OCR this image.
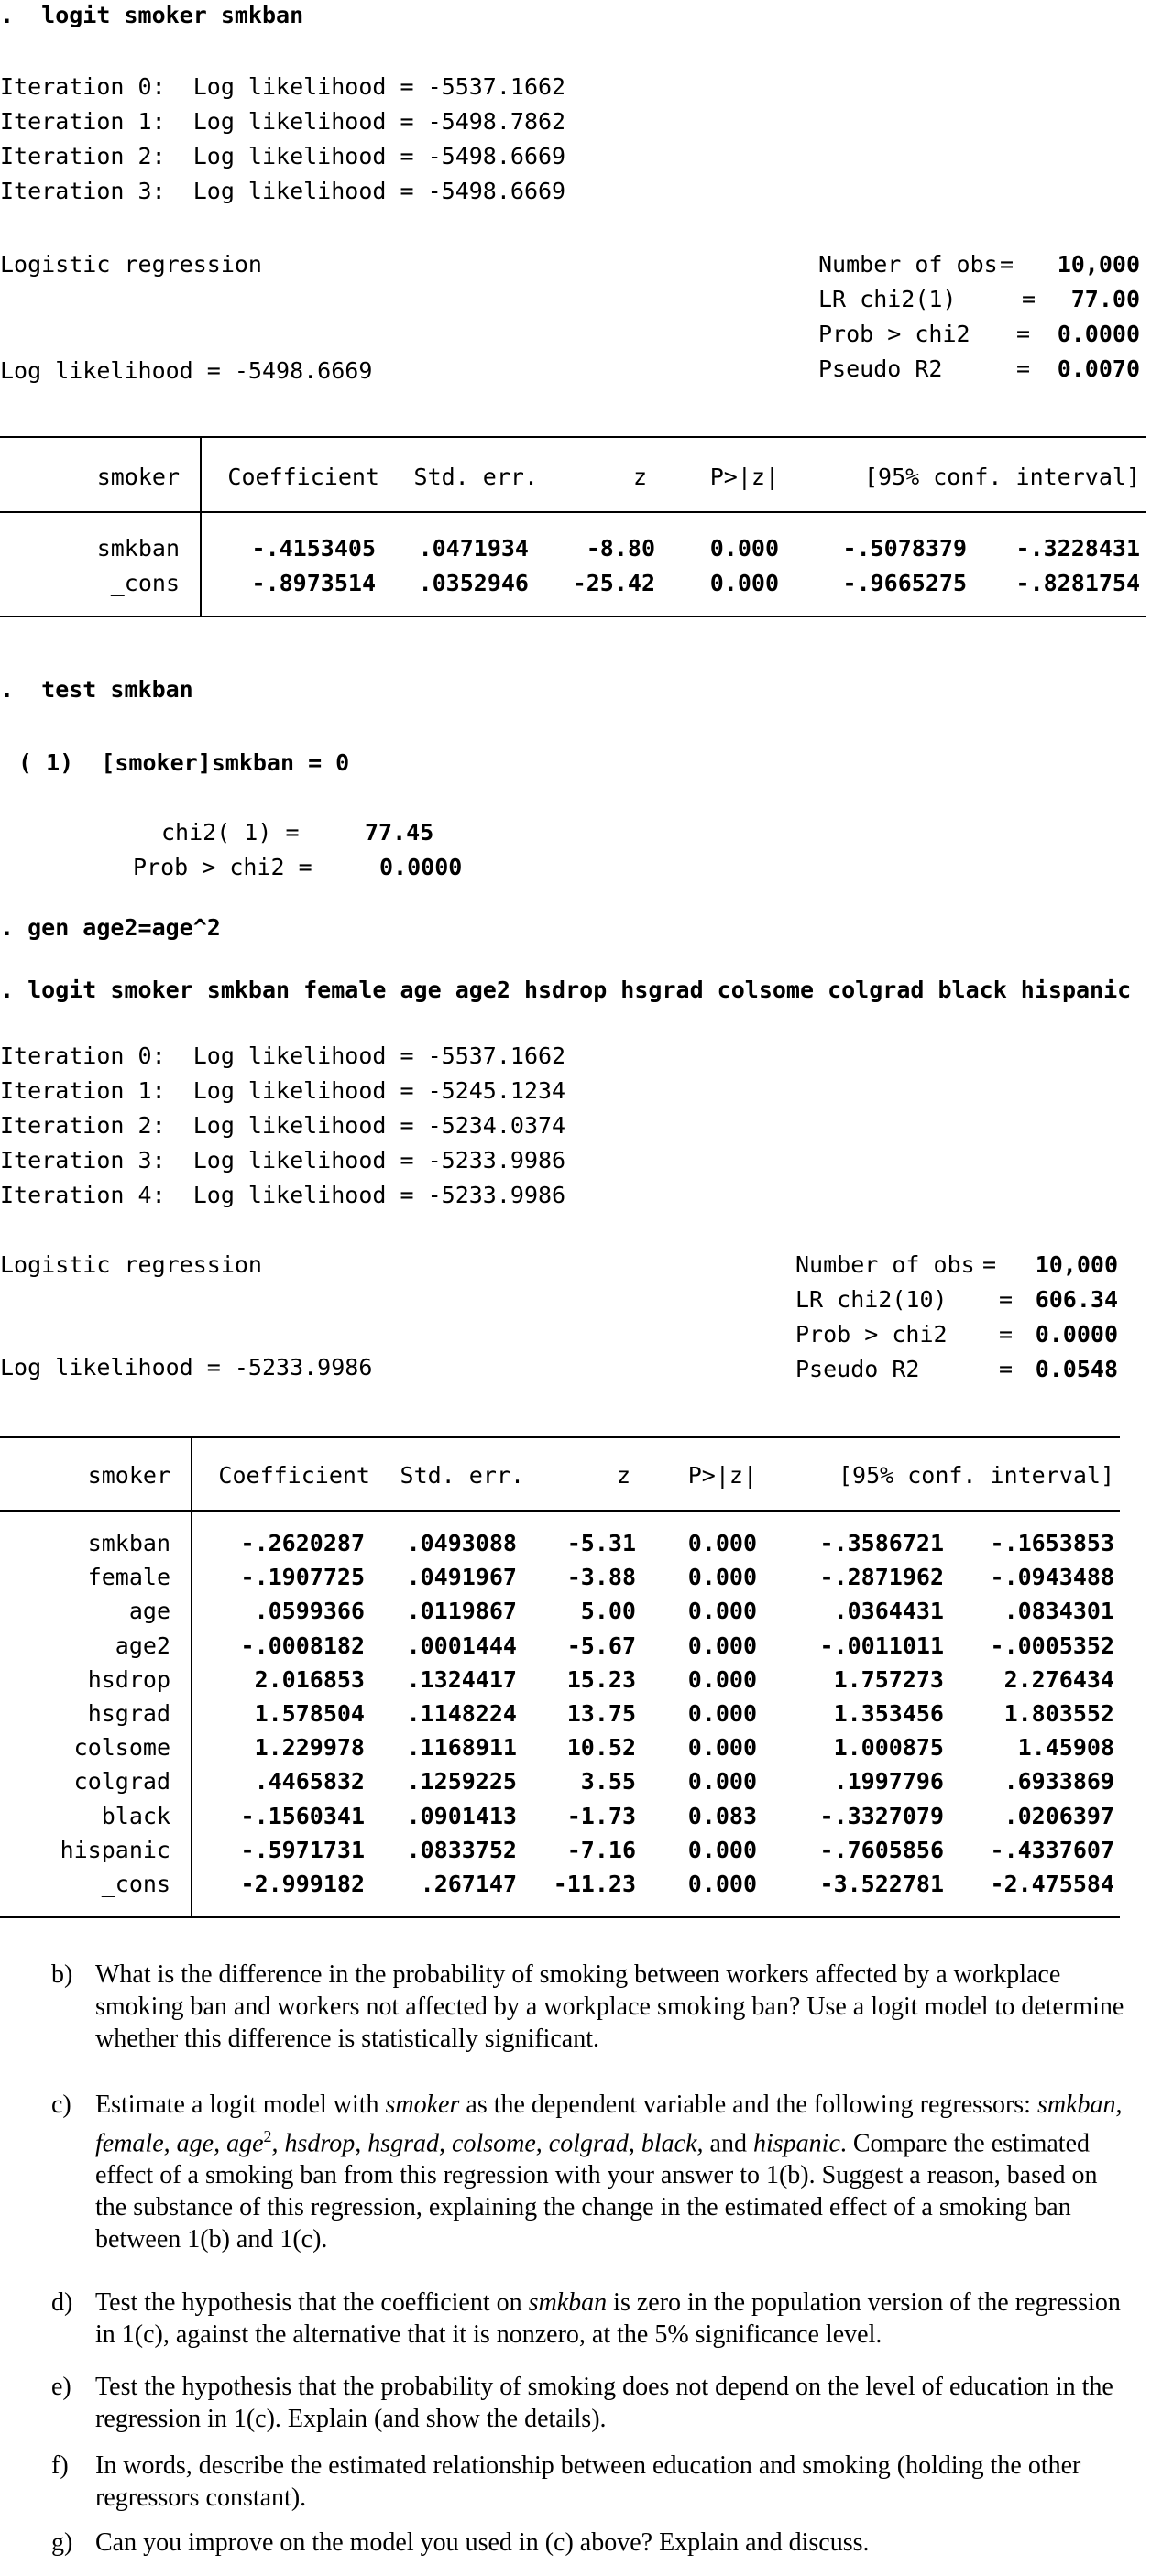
.  logit smoker smkban
Iteration 0:  Log likelihood = -5537.1662
Iteration 1:  Log likelihood = -5498.7862
Iteration 2:  Log likelihood = -5498.6669
Iteration 3:  Log likelihood = -5498.6669
Logistic regression
Log likelihood = -5498.6669
Number of obs = 10,000
LR chi2(1)	= 77.00
Prob > chi2 = 0.0000
Pseudo R2	= 0.0070
smoker Coefficient Std. err.	z	P>|z|	[95% conf. interval]
smkban	-.4153405 .0471934	-8.80 0.000	-.5078379 -.3228431
_cons	-.8973514 .0352946 -25.42 0.000	-.9665275 -.8281754
.  test smkban
( 1)  [smoker]smkban = 0
chi2( 1) =	77.45
Prob > chi2 =	0.0000
. gen age2=age^2
. logit smoker smkban female age age2 hsdrop hsgrad colsome colgrad black hispanic
Iteration 0:  Log likelihood = -5537.1662
Iteration 1:  Log likelihood = -5245.1234
Iteration 2:  Log likelihood = -5234.0374
Iteration 3:  Log likelihood = -5233.9986
Iteration 4:  Log likelihood = -5233.9986
Logistic regression
Log likelihood = -5233.9986
Number of obs = 10,000
LR chi2(10) = 606.34
Prob > chi2 = 0.0000
Pseudo R2	= 0.0548
smoker Coefficient Std. err.	z	P>|z|	[95% conf. interval]
smkban	-.2620287 .0493088 -5.31 0.000	-.3586721 -.1653853
female	-.1907725 .0491967 -3.88 0.000	-.2871962 -.0943488
age	.0599366 .0119867	5.00 0.000	.0364431	.0834301
age2	-.0008182 .0001444 -5.67 0.000	-.0011011 -.0005352
hsdrop	2.016853 .1324417 15.23 0.000	1.757273	2.276434
hsgrad	1.578504 .1148224 13.75 0.000	1.353456	1.803552
colsome	1.229978 .1168911 10.52 0.000	1.000875	1.45908
colgrad	.4465832 .1259225	3.55 0.000	.1997796	.6933869
black	-.1560341 .0901413 -1.73 0.083	-.3327079	.0206397
hispanic	-.5971731 .0833752 -7.16 0.000	-.7605856 -.4337607
_cons	-2.999182 .267147 -11.23 0.000	-3.522781 -2.475584
b) What is the difference in the probability of smoking between workers affected by a workplace smoking ban and workers not affected by a workplace smoking ban? Use a logit model to determine whether this difference is statistically significant.
c) Estimate a logit model with smoker as the dependent variable and the following regressors: smkban, female, age, age$^2$, hsdrop, hsgrad, colsome, colgrad, black, and hispanic. Compare the estimated effect of a smoking ban from this regression with your answer to 1(b). Suggest a reason, based on the substance of this regression, explaining the change in the estimated effect of a smoking ban between 1(b) and 1(c).
d) Test the hypothesis that the coefficient on smkban is zero in the population version of the regression in 1(c), against the alternative that it is nonzero, at the 5% significance level.
e) Test the hypothesis that the probability of smoking does not depend on the level of education in the regression in 1(c). Explain (and show the details).
f) In words, describe the estimated relationship between education and smoking (holding the other regressors constant).
g) Can you improve on the model you used in (c) above? Explain and discuss.
